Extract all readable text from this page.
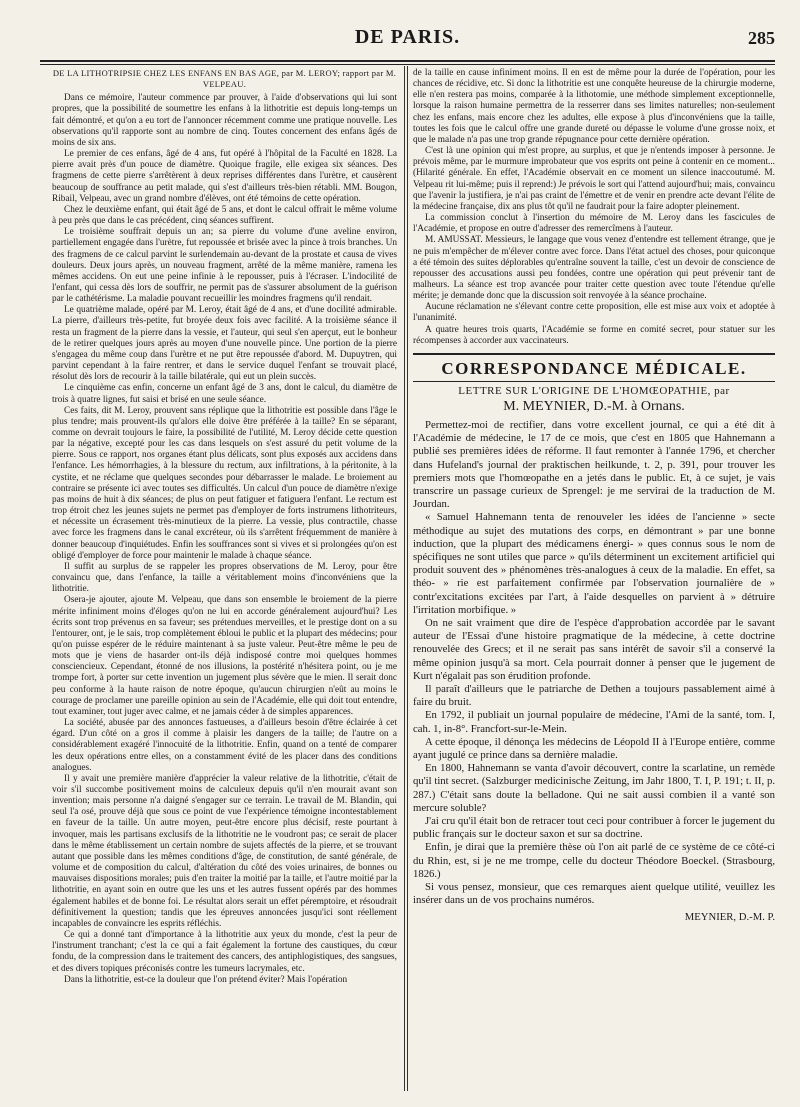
DE PARIS.	285

DE LA LITHOTRIPSIE CHEZ LES ENFANS EN BAS AGE, par M. LEROY; rapport par M. VELPEAU.

Dans ce mémoire, l'auteur commence par prouver, à l'aide d'observations qui lui sont propres, que la possibilité de soumettre les enfans à la lithotritie est depuis long-temps un fait démontré, et qu'on a eu tort de l'annoncer récemment comme une pratique nouvelle. Les observations qu'il rapporte sont au nombre de cinq. Toutes concernent des enfans âgés de moins de six ans.

Le premier de ces enfans, âgé de 4 ans, fut opéré à l'hôpital de la Faculté en 1828. La pierre avait près d'un pouce de diamètre. Quoique fragile, elle exigea six séances. Des fragmens de cette pierre s'arrêtèrent à deux reprises différentes dans l'urètre, et causèrent beaucoup de souffrance au petit malade, qui s'est d'ailleurs très-bien rétabli. MM. Bougon, Ribail, Velpeau, avec un grand nombre d'élèves, ont été témoins de cette opération.

Chez le deuxième enfant, qui était âgé de 5 ans, et dont le calcul offrait le même volume à peu près que dans le cas précédent, cinq séances suffirent.

Le troisième souffrait depuis un an; sa pierre du volume d'une aveline environ, partiellement engagée dans l'urètre, fut repoussée et brisée avec la pince à trois branches. Un des fragmens de ce calcul parvint le surlendemain au-devant de la prostate et causa de vives douleurs. Deux jours après, un nouveau fragment, arrêté de la même manière, ramena les mêmes accidens. On eut une peine infinie à le repousser, puis à l'écraser. L'indocilité de l'enfant, qui cessa dès lors de souffrir, ne permit pas de s'assurer absolument de la guérison par le cathétérisme. La maladie pouvant recueillir les moindres fragmens qu'il rendait.

Le quatrième malade, opéré par M. Leroy, était âgé de 4 ans, et d'une docilité admirable. La pierre, d'ailleurs très-petite, fut broyée deux fois avec facilité. A la troisième séance il resta un fragment de la pierre dans la vessie, et l'auteur, qui seul s'en aperçut, eut le bonheur de le retirer quelques jours après au moyen d'une nouvelle pince. Une portion de la pierre s'engagea du même coup dans l'urètre et ne put être repoussée d'abord. M. Dupuytren, qui parvint cependant à la faire rentrer, et dans le service duquel l'enfant se trouvait placé, résolut dès lors de recourir à la taille bilatérale, qui eut un plein succès.

Le cinquième cas enfin, concerne un enfant âgé de 3 ans, dont le calcul, du diamètre de trois à quatre lignes, fut saisi et brisé en une seule séance.

Ces faits, dit M. Leroy, prouvent sans réplique que la lithotritie est possible dans l'âge le plus tendre; mais prouvent-ils qu'alors elle doive être préférée à la taille? En se séparant, comme on devrait toujours le faire, la possibilité de l'utilité, M. Leroy décide cette question par la négative, excepté pour les cas dans lesquels on s'est assuré du petit volume de la pierre. Sous ce rapport, nos organes étant plus délicats, sont plus exposés aux accidens dans l'enfance. Les hémorrhagies, à la blessure du rectum, aux infiltrations, à la péritonite, à la cystite, et ne réclame que quelques secondes pour débarrasser le malade. Le broiement au contraire se présente ici avec toutes ses difficultés. Un calcul d'un pouce de diamètre n'exige pas moins de huit à dix séances; de plus on peut fatiguer et fatiguera l'enfant. Le rectum est trop étroit chez les jeunes sujets ne permet pas d'employer de forts instrumens lithotriteurs, et nécessite un écrasement très-minutieux de la pierre. La vessie, plus contractile, chasse avec force les fragmens dans le canal excréteur, où ils s'arrêtent fréquemment de manière à donner beaucoup d'inquiétudes. Enfin les souffrances sont si vives et si prolongées qu'on est obligé d'employer de force pour maintenir le malade à chaque séance.

Il suffit au surplus de se rappeler les propres observations de M. Leroy, pour être convaincu que, dans l'enfance, la taille a véritablement moins d'inconvéniens que la lithotritie.

Osera-je ajouter, ajoute M. Velpeau, que dans son ensemble le broiement de la pierre mérite infiniment moins d'éloges qu'on ne lui en accorde généralement aujourd'hui? Les écrits sont trop prévenus en sa faveur; ses prétendues merveilles, et le prestige dont on a su l'entourer, ont, je le sais, trop complètement ébloui le public et la plupart des médecins; pour qu'on puisse espérer de le réduire maintenant à sa juste valeur. Peut-être même le peu de mots que je viens de hasarder ont-ils déjà indisposé contre moi quelques hommes consciencieux. Cependant, étonné de nos illusions, la postérité n'hésitera point, ou je me trompe fort, à porter sur cette invention un jugement plus sévère que le mien. Il serait donc peu conforme à la haute raison de notre époque, qu'aucun chirurgien n'eût au moins le courage de proclamer une pareille opinion au sein de l'Académie, elle qui doit tout entendre, tout examiner, tout juger avec calme, et ne jamais céder à de simples apparences.

La société, abusée par des annonces fastueuses, a d'ailleurs besoin d'être éclairée à cet égard. D'un côté on a gros il comme à plaisir les dangers de la taille; de l'autre on a considérablement exagéré l'innocuité de la lithotritie. Enfin, quand on a tenté de comparer les deux opérations entre elles, on a constamment évité de les placer dans des conditions analogues.

Il y avait une première manière d'apprécier la valeur relative de la lithotritie, c'était de voir s'il succombe positivement moins de calculeux depuis qu'il n'en mourait avant son invention; mais personne n'a daigné s'engager sur ce terrain. Le travail de M. Blandin, qui seul l'a osé, prouve déjà que sous ce point de vue l'expérience témoigne incontestablement en faveur de la taille. Un autre moyen, peut-être encore plus décisif, reste pourtant à invoquer, mais les partisans exclusifs de la lithotritie ne le voudront pas; ce serait de placer dans le même établissement un certain nombre de sujets affectés de la pierre, et se trouvant autant que possible dans les mêmes conditions d'âge, de constitution, de santé générale, de volume et de composition du calcul, d'altération du côté des voies urinaires, de bonnes ou mauvaises dispositions morales; puis d'en traiter la moitié par la taille, et l'autre moitié par la lithotritie, en ayant soin en outre que les uns et les autres fussent opérés par des hommes également habiles et de bonne foi. Le résultat alors serait un effet péremptoire, et résoudrait définitivement la question; tandis que les épreuves annoncées jusqu'ici sont réellement incapables de convaincre les esprits réfléchis.

Ce qui a donné tant d'importance à la lithotritie aux yeux du monde, c'est la peur de l'instrument tranchant; c'est la ce qui a fait également la fortune des caustiques, du cœur fondu, de la compression dans le traitement des cancers, des antiphlogistiques, des sangsues, et des divers topiques préconisés contre les tumeurs lacrymales, etc.

Dans la lithotritie, est-ce la douleur que l'on prétend éviter? Mais l'opération

de la taille en cause infiniment moins. Il en est de même pour la durée de l'opération, pour les chances de récidive, etc. Si donc la lithotritie est une conquête heureuse de la chirurgie moderne, elle n'en restera pas moins, comparée à la lithotomie, une méthode simplement exceptionnelle, lorsque la raison humaine permettra de la resserrer dans ses limites naturelles; non-seulement chez les enfans, mais encore chez les adultes, elle expose à plus d'inconvéniens que la taille, toutes les fois que le calcul offre une grande dureté ou dépasse le volume d'une grosse noix, et que le malade n'a pas une trop grande répugnance pour cette dernière opération.

C'est là une opinion qui m'est propre, au surplus, et que je n'entends imposer à personne. Je prévois même, par le murmure improbateur que vos esprits ont peine à contenir en ce moment... (Hilarité générale. En effet, l'Académie observait en ce moment un silence inaccoutumé. M. Velpeau rit lui-même; puis il reprend:) Je prévois le sort qui l'attend aujourd'hui; mais, convaincu que l'avenir la justifiera, je n'ai pas craint de l'émettre et de venir en prendre acte devant l'élite de la médecine française, dix ans plus tôt qu'il ne faudrait pour la faire adopter pleinement.

La commission conclut à l'insertion du mémoire de M. Leroy dans les fascicules de l'Académie, et propose en outre d'adresser des remercîmens à l'auteur.

M. AMUSSAT. Messieurs, le langage que vous venez d'entendre est tellement étrange, que je ne puis m'empêcher de m'élever contre avec force. Dans l'état actuel des choses, pour quiconque a été témoin des suites déplorables qu'entraîne souvent la taille, c'est un devoir de conscience de repousser des accusations aussi peu fondées, contre une opération qui peut prévenir tant de malheurs. La séance est trop avancée pour traiter cette question avec toute l'étendue qu'elle mérite; je demande donc que la discussion soit renvoyée à la séance prochaine.

Aucune réclamation ne s'élevant contre cette proposition, elle est mise aux voix et adoptée à l'unanimité.

A quatre heures trois quarts, l'Académie se forme en comité secret, pour statuer sur les récompenses à accorder aux vaccinateurs.

CORRESPONDANCE MÉDICALE.
LETTRE SUR L'ORIGINE DE L'HOMŒOPATHIE, par
M. MEYNIER, D.-M. à Ornans.

Permettez-moi de rectifier, dans votre excellent journal, ce qui a été dit à l'Académie de médecine, le 17 de ce mois, que c'est en 1805 que Hahnemann a publié ses premières idées de réforme. Il faut remonter à l'année 1796, et chercher dans Hufeland's journal der praktischen heilkunde, t. 2, p. 391, pour trouver les premiers mots que l'homœopathe en a jetés dans le public. Et, à ce sujet, je vais transcrire un passage curieux de Sprengel: je me servirai de la traduction de M. Jourdan.

« Samuel Hahnemann tenta de renouveler les idées de l'ancienne » secte méthodique au sujet des mutations des corps, en démontrant » par une bonne induction, que la plupart des médicamens énergi- » ques connus sous le nom de spécifiques ne sont utiles que parce » qu'ils déterminent un excitement artificiel qui produit souvent des » phénomènes très-analogues à ceux de la maladie. En effet, sa théo- » rie est parfaitement confirmée par l'observation journalière de » contr'excitations excitées par l'art, à l'aide desquelles on parvient à » détruire l'irritation morbifique. »

On ne sait vraiment que dire de l'espèce d'approbation accordée par le savant auteur de l'Essai d'une histoire pragmatique de la médecine, à cette doctrine renouvelée des Grecs; et il ne serait pas sans intérêt de savoir s'il a conservé la même opinion jusqu'à sa mort. Cela pourrait donner à penser que le jugement de Kurt n'égalait pas son érudition profonde.

Il paraît d'ailleurs que le patriarche de Dethen a toujours passablement aimé à faire du bruit.

En 1792, il publiait un journal populaire de médecine, l'Ami de la santé, tom. I, cah. 1, in-8°. Francfort-sur-le-Mein.

A cette époque, il dénonça les médecins de Léopold II à l'Europe entière, comme ayant jugulé ce prince dans sa dernière maladie.

En 1800, Hahnemann se vanta d'avoir découvert, contre la scarlatine, un remède qu'il tint secret. (Salzburger medicinische Zeitung, im Jahr 1800, T. I, P. 191; t. II, p. 287.) C'était sans doute la belladone. Qui ne sait aussi combien il a vanté son mercure soluble?

J'ai cru qu'il était bon de retracer tout ceci pour contribuer à forcer le jugement du public français sur le docteur saxon et sur sa doctrine.

Enfin, je dirai que la première thèse où l'on ait parlé de ce système de ce côté-ci du Rhin, est, si je ne me trompe, celle du docteur Théodore Boeckel. (Strasbourg, 1826.)

Si vous pensez, monsieur, que ces remarques aient quelque utilité, veuillez les insérer dans un de vos prochains numéros.

MEYNIER, D.-M. P.
